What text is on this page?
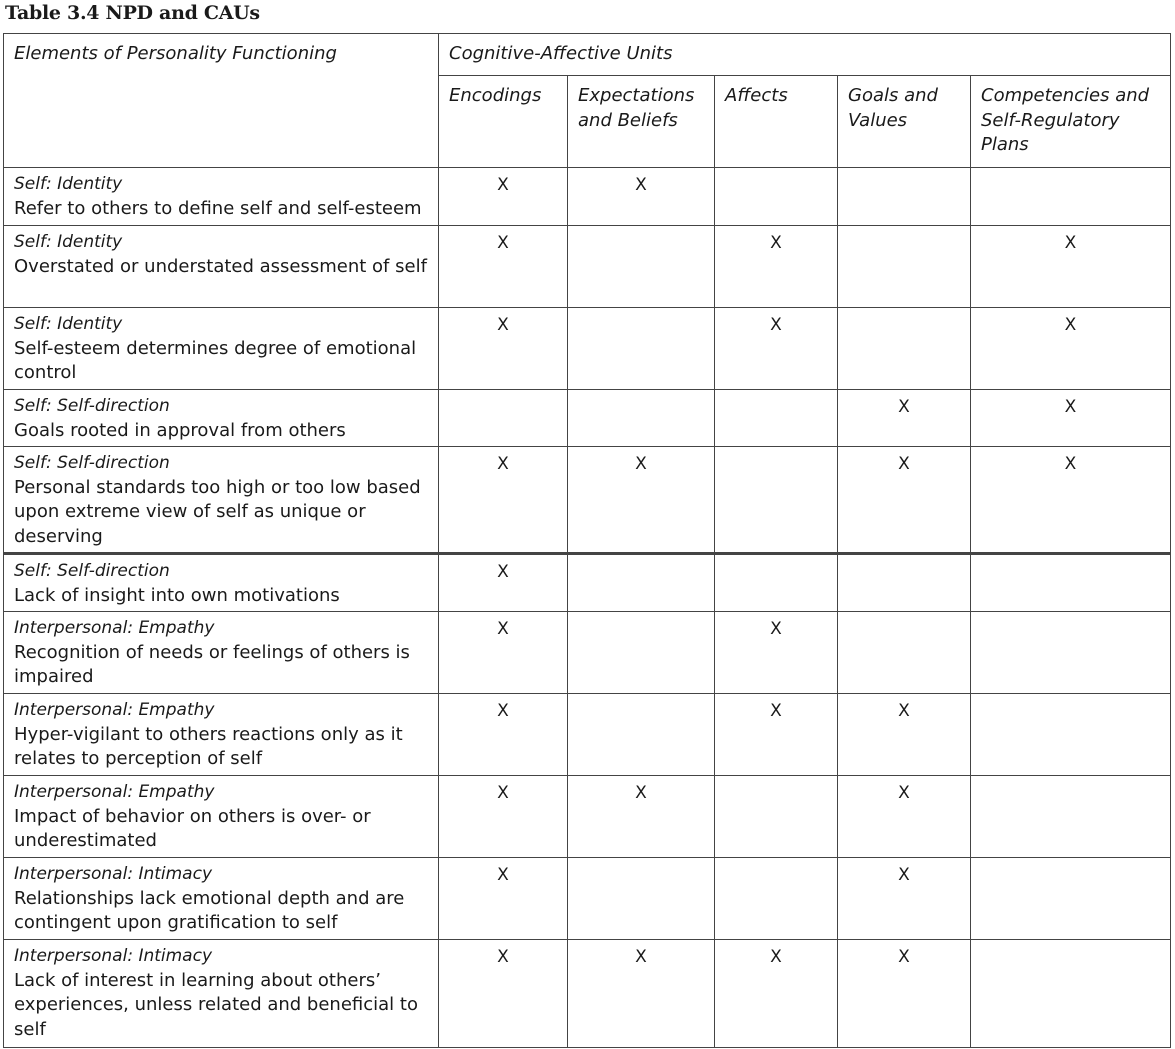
Table 3.4 NPD and CAUs
Elements of Personality Functioning	Cognitive-Affective Units				
	Encodings	Expectations and Beliefs	Affects	Goals and Values	Competencies and Self-Regulatory Plans

Self: Identity
Refer to others to define self and self-esteem	X	X			

Self: Identity
Overstated or understated assessment of self	X		X		X

Self: Identity
Self-esteem determines degree of emotional control	X		X		X

Self: Self-direction
Goals rooted in approval from others				X	X

Self: Self-direction
Personal standards too high or too low based upon extreme view of self as unique or deserving	X	X		X	X

Self: Self-direction
Lack of insight into own motivations	X				

Interpersonal: Empathy
Recognition of needs or feelings of others is impaired	X		X		

Interpersonal: Empathy
Hyper-vigilant to others reactions only as it relates to perception of self	X		X	X	

Interpersonal: Empathy
Impact of behavior on others is over- or underestimated	X	X		X	

Interpersonal: Intimacy
Relationships lack emotional depth and are contingent upon gratification to self	X			X	

Interpersonal: Intimacy
Lack of interest in learning about others’ experiences, unless related and beneficial to self	X	X	X	X	
